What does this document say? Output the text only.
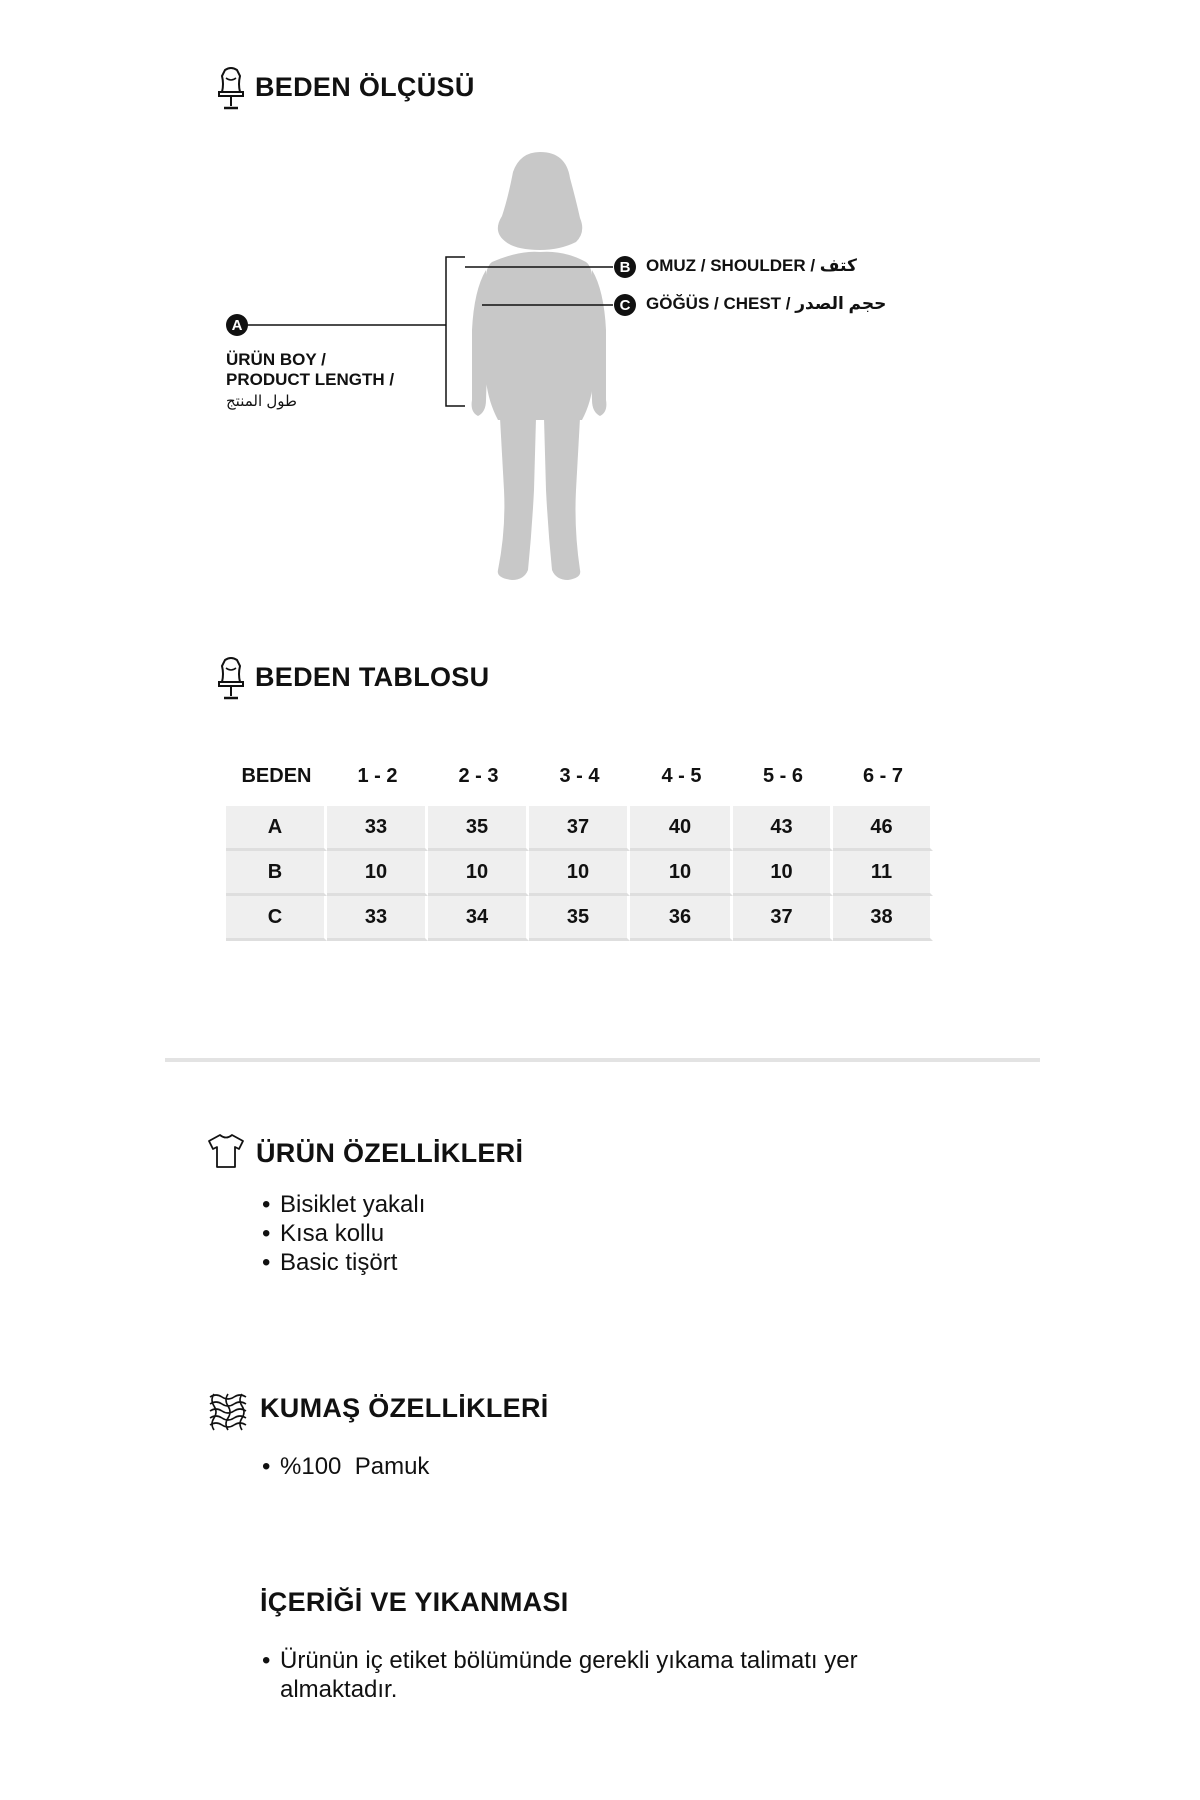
BEDEN ÖLÇÜSÜ
A
ÜRÜN BOY /
PRODUCT LENGTH /
طول المنتج
B OMUZ / SHOULDER / كتف
C GÖĞÜS / CHEST / حجم الصدر
BEDEN TABLOSU
BEDEN	1 - 2	2 - 3	3 - 4	4 - 5	5 - 6	6 - 7
A	33	35	37	40	43	46
B	10	10	10	10	10	11
C	33	34	35	36	37	38
ÜRÜN ÖZELLİKLERİ
• Bisiklet yakalı
• Kısa kollu
• Basic tişört
KUMAŞ ÖZELLİKLERİ
• %100  Pamuk
İÇERİĞİ VE YIKANMASI
• Ürünün iç etiket bölümünde gerekli yıkama talimatı yer almaktadır.
